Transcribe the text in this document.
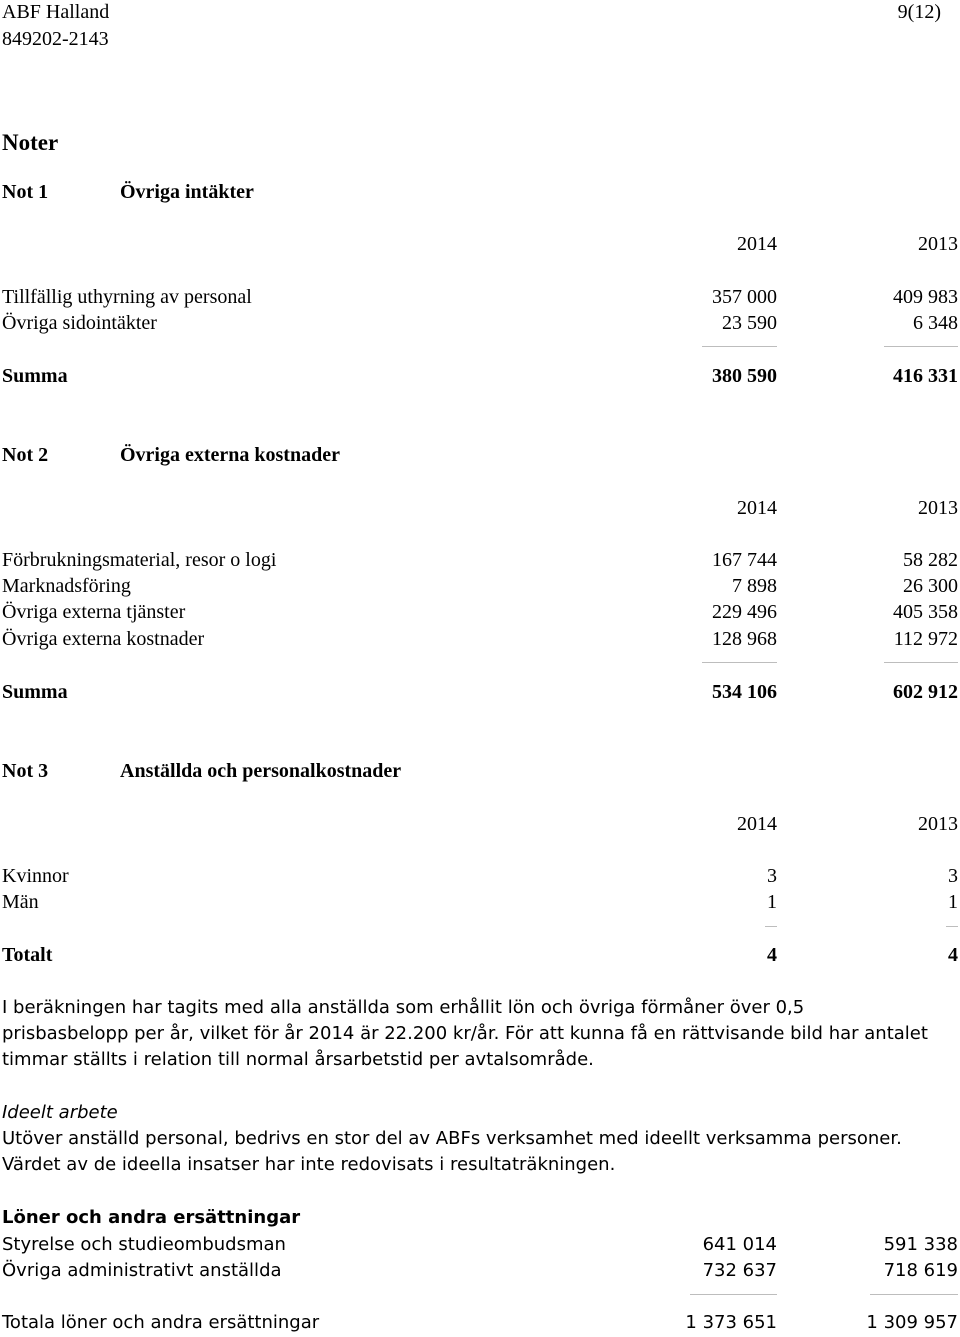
ABF Halland
849202-2143
9(12)
Noter
Not 1	Övriga intäkter
2014	2013
Tillfällig uthyrning av personal	357 000	409 983
Övriga sidointäkter	23 590	6 348
Summa	380 590	416 331
Not 2	Övriga externa kostnader
2014	2013
Förbrukningsmaterial, resor o logi	167 744	58 282
Marknadsföring	7 898	26 300
Övriga externa tjänster	229 496	405 358
Övriga externa kostnader	128 968	112 972
Summa	534 106	602 912
Not 3	Anställda och personalkostnader
2014	2013
Kvinnor	3	3
Män	1	1
Totalt	4	4
I beräkningen har tagits med alla anställda som erhållit lön och övriga förmåner över 0,5
prisbasbelopp per år, vilket för år 2014 är 22.200 kr/år. För att kunna få en rättvisande bild har antalet
timmar ställts i relation till normal årsarbetstid per avtalsområde.
Ideelt arbete
Utöver anställd personal, bedrivs en stor del av ABFs verksamhet med ideellt verksamma personer.
Värdet av de ideella insatser har inte redovisats i resultaträkningen.
Löner och andra ersättningar
Styrelse och studieombudsman	641 014	591 338
Övriga administrativt anställda	732 637	718 619
Totala löner och andra ersättningar	1 373 651	1 309 957
